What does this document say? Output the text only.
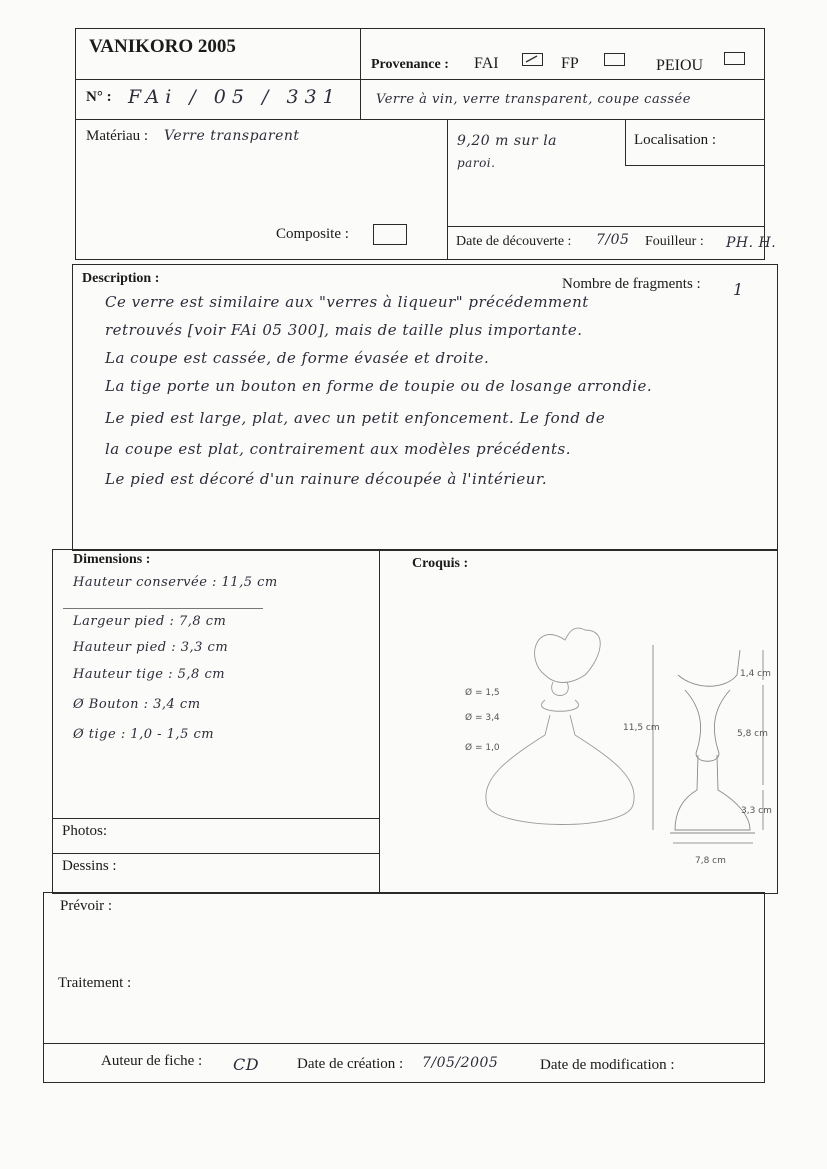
VANIKORO 2005
Provenance : FAI	FP	PEIOU
N° : FAi / 05 / 331	Verre à vin, verre transparent, coupe cassée
Matériau : Verre transparent	9,20 m sur la
paroi.
Localisation :
Composite :	Date de découverte : 7/05 Fouilleur : PH. H.
Description :	Nombre de fragments : 1
Ce verre est similaire aux "verres à liqueur" précédemment
retrouvés [voir FAi 05 300], mais de taille plus importante.
La coupe est cassée, de forme évasée et droite.
La tige porte un bouton en forme de toupie ou de losange arrondie.
Le pied est large, plat, avec un petit enfoncement. Le fond de
la coupe est plat, contrairement aux modèles précédents.
Le pied est décoré d'un rainure découpée à l'intérieur.
Dimensions :
Hauteur conservée : 11,5 cm
Largeur pied : 7,8 cm
Hauteur pied : 3,3 cm
Hauteur tige : 5,8 cm
Ø Bouton : 3,4 cm
Ø tige : 1,0 - 1,5 cm
Photos:
Dessins :
Croquis :
Ø = 1,5
Ø = 3,4
Ø = 1,0
11,5 cm
1,4 cm
5,8 cm
3,3 cm
7,8 cm
Prévoir :
Traitement :
Auteur de fiche : CD	Date de création : 7/05/2005	Date de modification :
